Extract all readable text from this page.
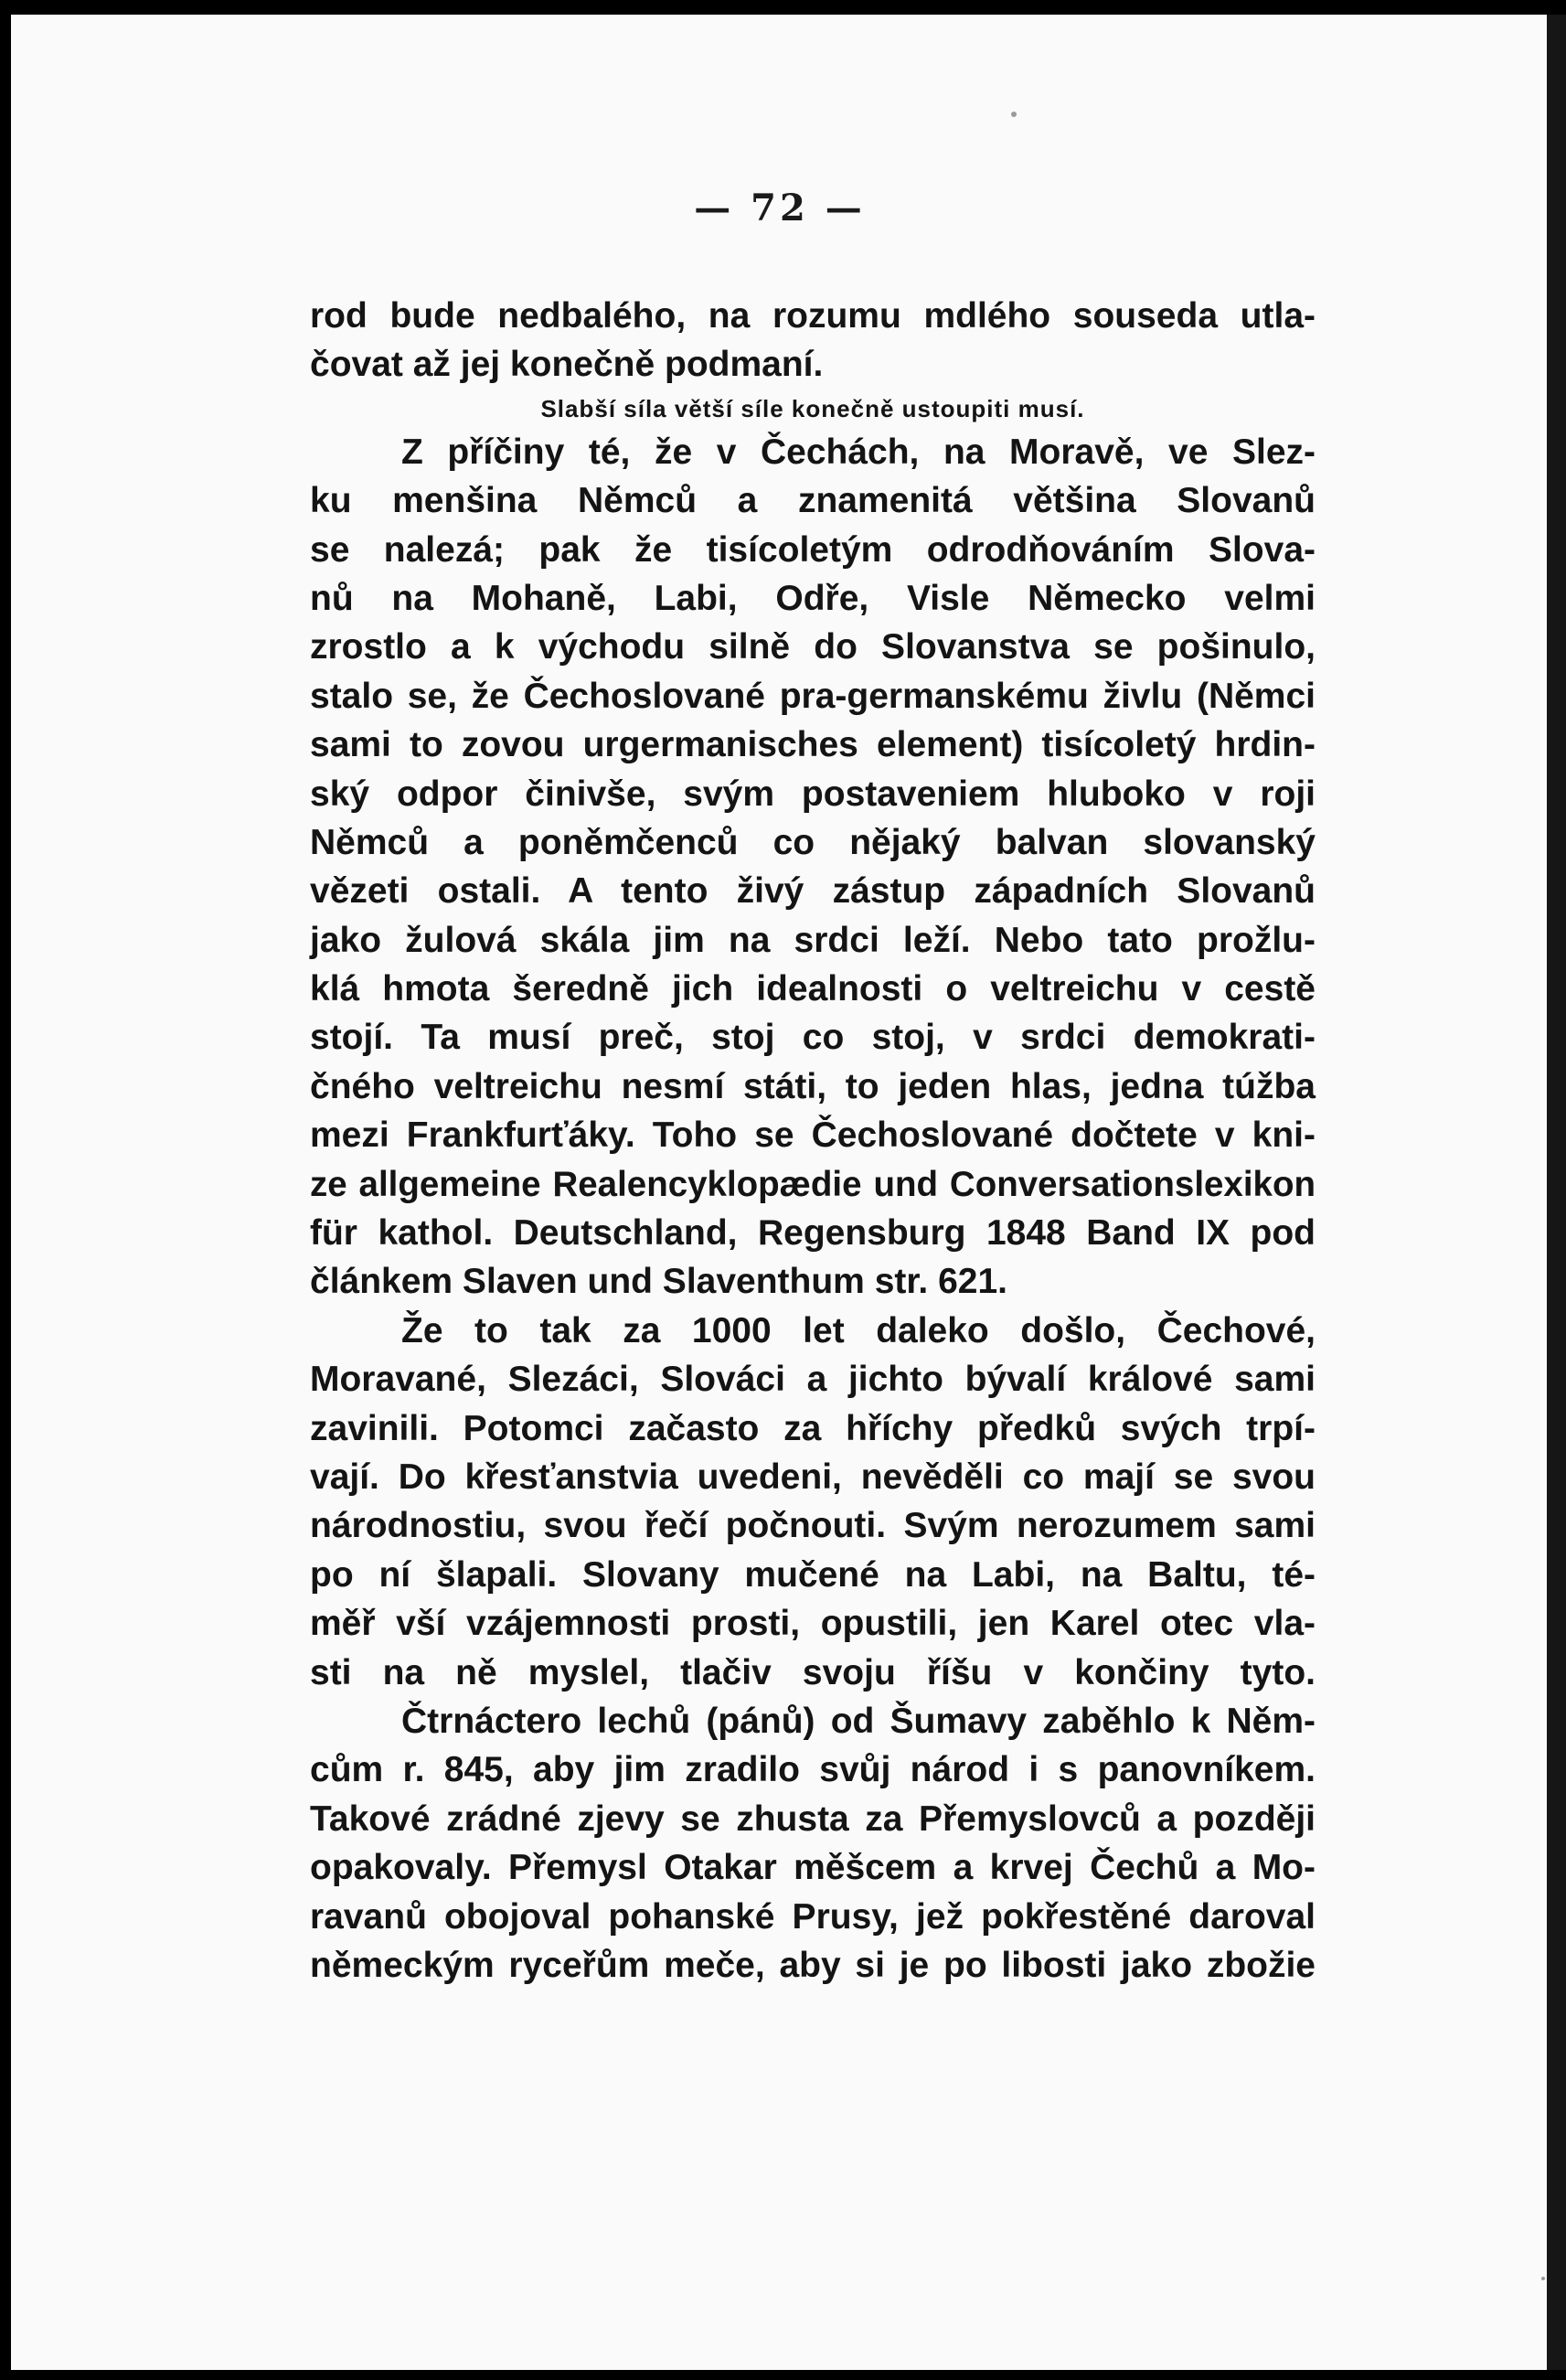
— 72 —
rod bude nedbalého, na rozumu mdlého souseda utla-
čovat až jej konečně podmaní.
Slabší síla větší síle konečně ustoupiti musí.
Z příčiny té, že v Čechách, na Moravě, ve Slez-
ku menšina Němců a znamenitá většina Slovanů
se nalezá; pak že tisícoletým odrodňováním Slova-
nů na Mohaně, Labi, Odře, Visle Německo velmi
zrostlo a k východu silně do Slovanstva se pošinulo,
stalo se, že Čechoslované pra-germanskému živlu (Němci
sami to zovou urgermanisches element) tisícoletý hrdin-
ský odpor činivše, svým postaveniem hluboko v roji
Němců a poněmčenců co nějaký balvan slovanský
vězeti ostali. A tento živý zástup západních Slovanů
jako žulová skála jim na srdci leží. Nebo tato prožlu-
klá hmota šeredně jich idealnosti o veltreichu v cestě
stojí. Ta musí preč, stoj co stoj, v srdci demokrati-
čného veltreichu nesmí státi, to jeden hlas, jedna túžba
mezi Frankfurťáky. Toho se Čechoslované dočtete v kni-
ze allgemeine Realencyklopædie und Conversationslexikon
für kathol. Deutschland, Regensburg 1848 Band IX pod
článkem Slaven und Slaventhum str. 621.
Že to tak za 1000 let daleko došlo, Čechové,
Moravané, Slezáci, Slováci a jichto bývalí králové sami
zavinili. Potomci začasto za hříchy předků svých trpí-
vají. Do křesťanstvia uvedeni, nevěděli co mají se svou
národnostiu, svou řečí počnouti. Svým nerozumem sami
po ní šlapali. Slovany mučené na Labi, na Baltu, té-
měř vší vzájemnosti prosti, opustili, jen Karel otec vla-
sti na ně myslel, tlačiv svoju říšu v končiny tyto.
Čtrnáctero lechů (pánů) od Šumavy zaběhlo k Něm-
cům r. 845, aby jim zradilo svůj národ i s panovníkem.
Takové zrádné zjevy se zhusta za Přemyslovců a později
opakovaly. Přemysl Otakar měšcem a krvej Čechů a Mo-
ravanů obojoval pohanské Prusy, jež pokřestěné daroval
německým ryceřům meče, aby si je po libosti jako zbožie
